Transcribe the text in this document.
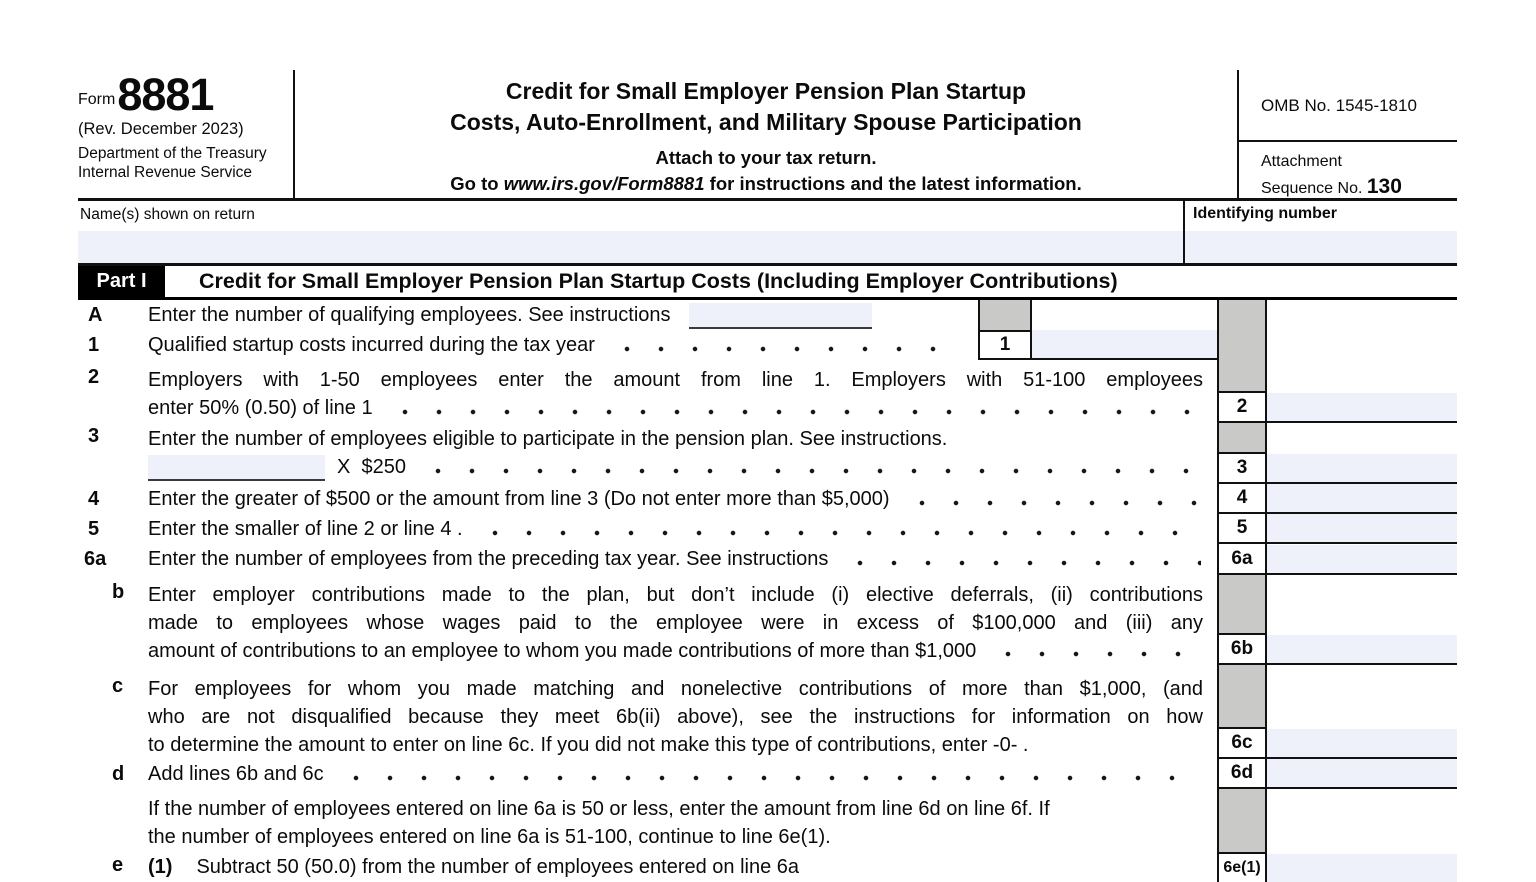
Form 8881
(Rev. December 2023)
Department of the Treasury
Internal Revenue Service
Credit for Small Employer Pension Plan Startup
Costs, Auto-Enrollment, and Military Spouse Participation
Attach to your tax return.
Go to www.irs.gov/Form8881 for instructions and the latest information.
OMB No. 1545-1810
Attachment
Sequence No. 130
Name(s) shown on return	Identifying number
Part I	Credit for Small Employer Pension Plan Startup Costs (Including Employer Contributions)
A	Enter the number of qualifying employees. See instructions
1	Qualified startup costs incurred during the tax year	1
2	Employers with 1-50 employees enter the amount from line 1. Employers with 51-100 employees
enter 50% (0.50) of line 1	2
3	Enter the number of employees eligible to participate in the pension plan. See instructions.
X  $250	3
4	Enter the greater of $500 or the amount from line 3 (Do not enter more than $5,000)	4
5	Enter the smaller of line 2 or line 4 .	5
6a	Enter the number of employees from the preceding tax year. See instructions	6a
b	Enter employer contributions made to the plan, but don’t include (i) elective deferrals, (ii) contributions
made to employees whose wages paid to the employee were in excess of $100,000 and (iii) any
amount of contributions to an employee to whom you made contributions of more than $1,000	6b
c	For employees for whom you made matching and nonelective contributions of more than $1,000, (and
who are not disqualified because they meet 6b(ii) above), see the instructions for information on how
to determine the amount to enter on line 6c. If you did not make this type of contributions, enter -0- .	6c
d	Add lines 6b and 6c	6d
If the number of employees entered on line 6a is 50 or less, enter the amount from line 6d on line 6f. If
the number of employees entered on line 6a is 51-100, continue to line 6e(1).
e	(1) Subtract 50 (50.0) from the number of employees entered on line 6a	6e(1)
